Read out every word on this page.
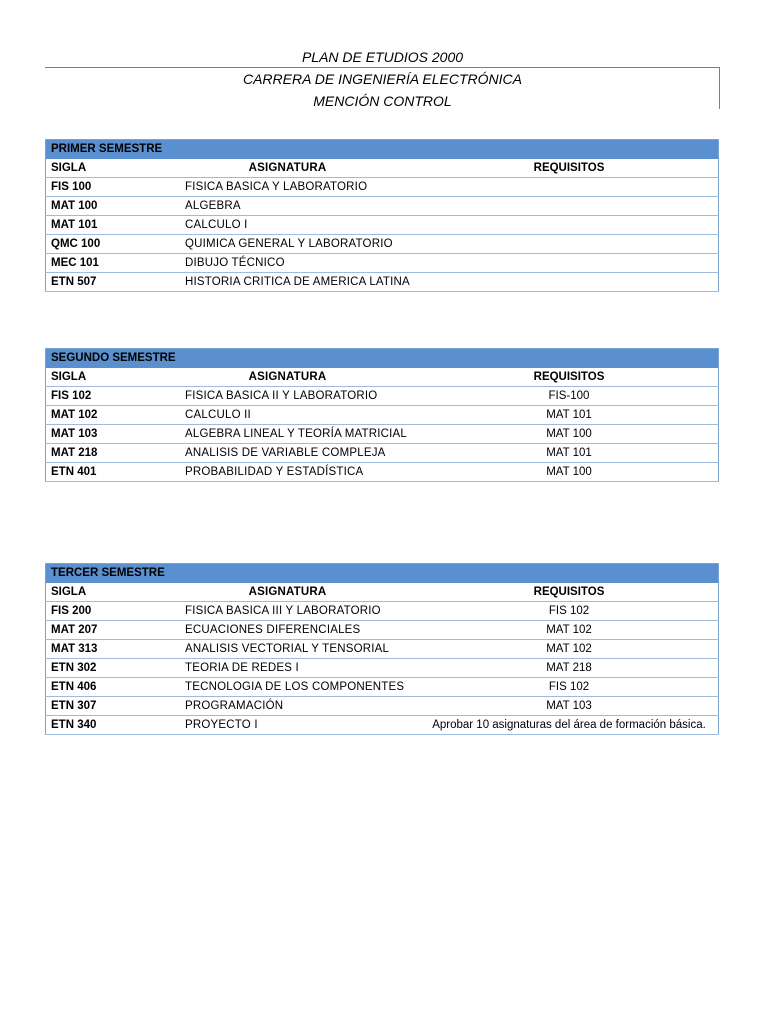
PLAN DE ETUDIOS 2000
CARRERA DE INGENIERÍA ELECTRÓNICA
MENCIÓN CONTROL
PRIMER SEMESTRE		
SIGLA	ASIGNATURA	REQUISITOS
FIS 100	FISICA BASICA Y LABORATORIO	
MAT 100	ALGEBRA	
MAT 101	CALCULO I	
QMC 100	QUIMICA GENERAL Y LABORATORIO	
MEC 101	DIBUJO TÉCNICO	
ETN 507	HISTORIA CRITICA DE AMERICA LATINA	
SEGUNDO SEMESTRE		
SIGLA	ASIGNATURA	REQUISITOS
FIS 102	FISICA BASICA II Y LABORATORIO	FIS-100
MAT 102	CALCULO II	MAT 101
MAT 103	ALGEBRA LINEAL Y TEORÍA MATRICIAL	MAT 100
MAT 218	ANALISIS DE VARIABLE COMPLEJA	MAT 101
ETN 401	PROBABILIDAD Y ESTADÍSTICA	MAT 100
TERCER SEMESTRE		
SIGLA	ASIGNATURA	REQUISITOS
FIS 200	FISICA BASICA III Y LABORATORIO	FIS 102
MAT 207	ECUACIONES DIFERENCIALES	MAT 102
MAT 313	ANALISIS VECTORIAL Y TENSORIAL	MAT 102
ETN 302	TEORIA DE REDES I	MAT 218
ETN 406	TECNOLOGIA DE LOS COMPONENTES	FIS 102
ETN 307	PROGRAMACIÓN	MAT 103
ETN 340	PROYECTO I	Aprobar 10 asignaturas del área de formación básica.
